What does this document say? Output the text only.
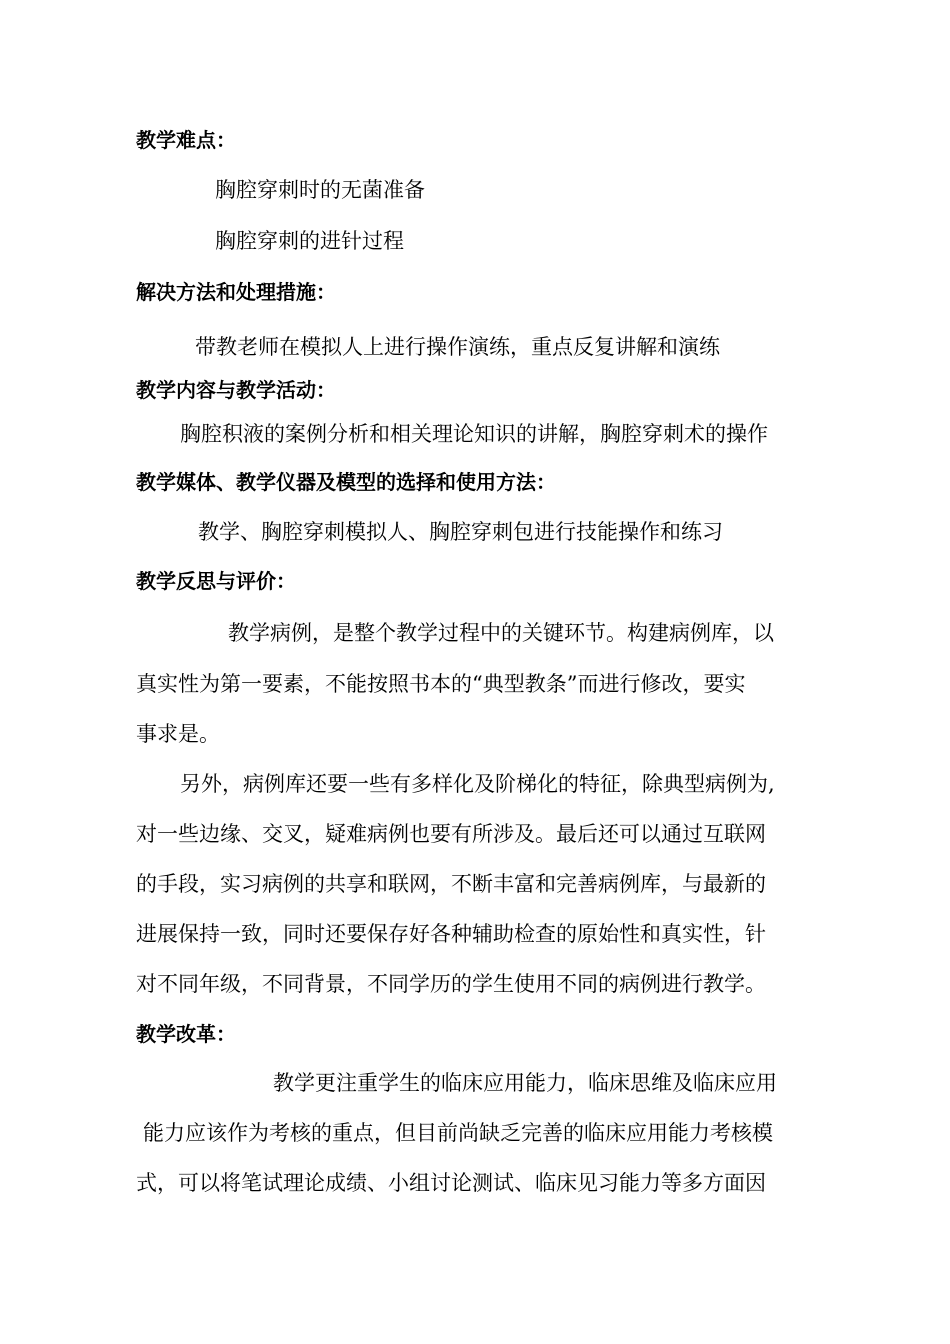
教学难点：
胸腔穿刺时的无菌准备
胸腔穿刺的进针过程
解决方法和处理措施：
带教老师在模拟人上进行操作演练，重点反复讲解和演练
教学内容与教学活动：
胸腔积液的案例分析和相关理论知识的讲解，胸腔穿刺术的操作
教学媒体、教学仪器及模型的选择和使用方法：
教学、胸腔穿刺模拟人、胸腔穿刺包进行技能操作和练习
教学反思与评价：
教学病例，是整个教学过程中的关键环节。构建病例库，以
真实性为第一要素，不能按照书本的“典型教条”而进行修改，要实
事求是。
另外，病例库还要一些有多样化及阶梯化的特征，除典型病例为,
对一些边缘、交叉，疑难病例也要有所涉及。最后还可以通过互联网
的手段，实习病例的共享和联网，不断丰富和完善病例库，与最新的
进展保持一致，同时还要保存好各种辅助检查的原始性和真实性，针
对不同年级，不同背景，不同学历的学生使用不同的病例进行教学。
教学改革：
教学更注重学生的临床应用能力，临床思维及临床应用
能力应该作为考核的重点，但目前尚缺乏完善的临床应用能力考核模
式，可以将笔试理论成绩、小组讨论测试、临床见习能力等多方面因
